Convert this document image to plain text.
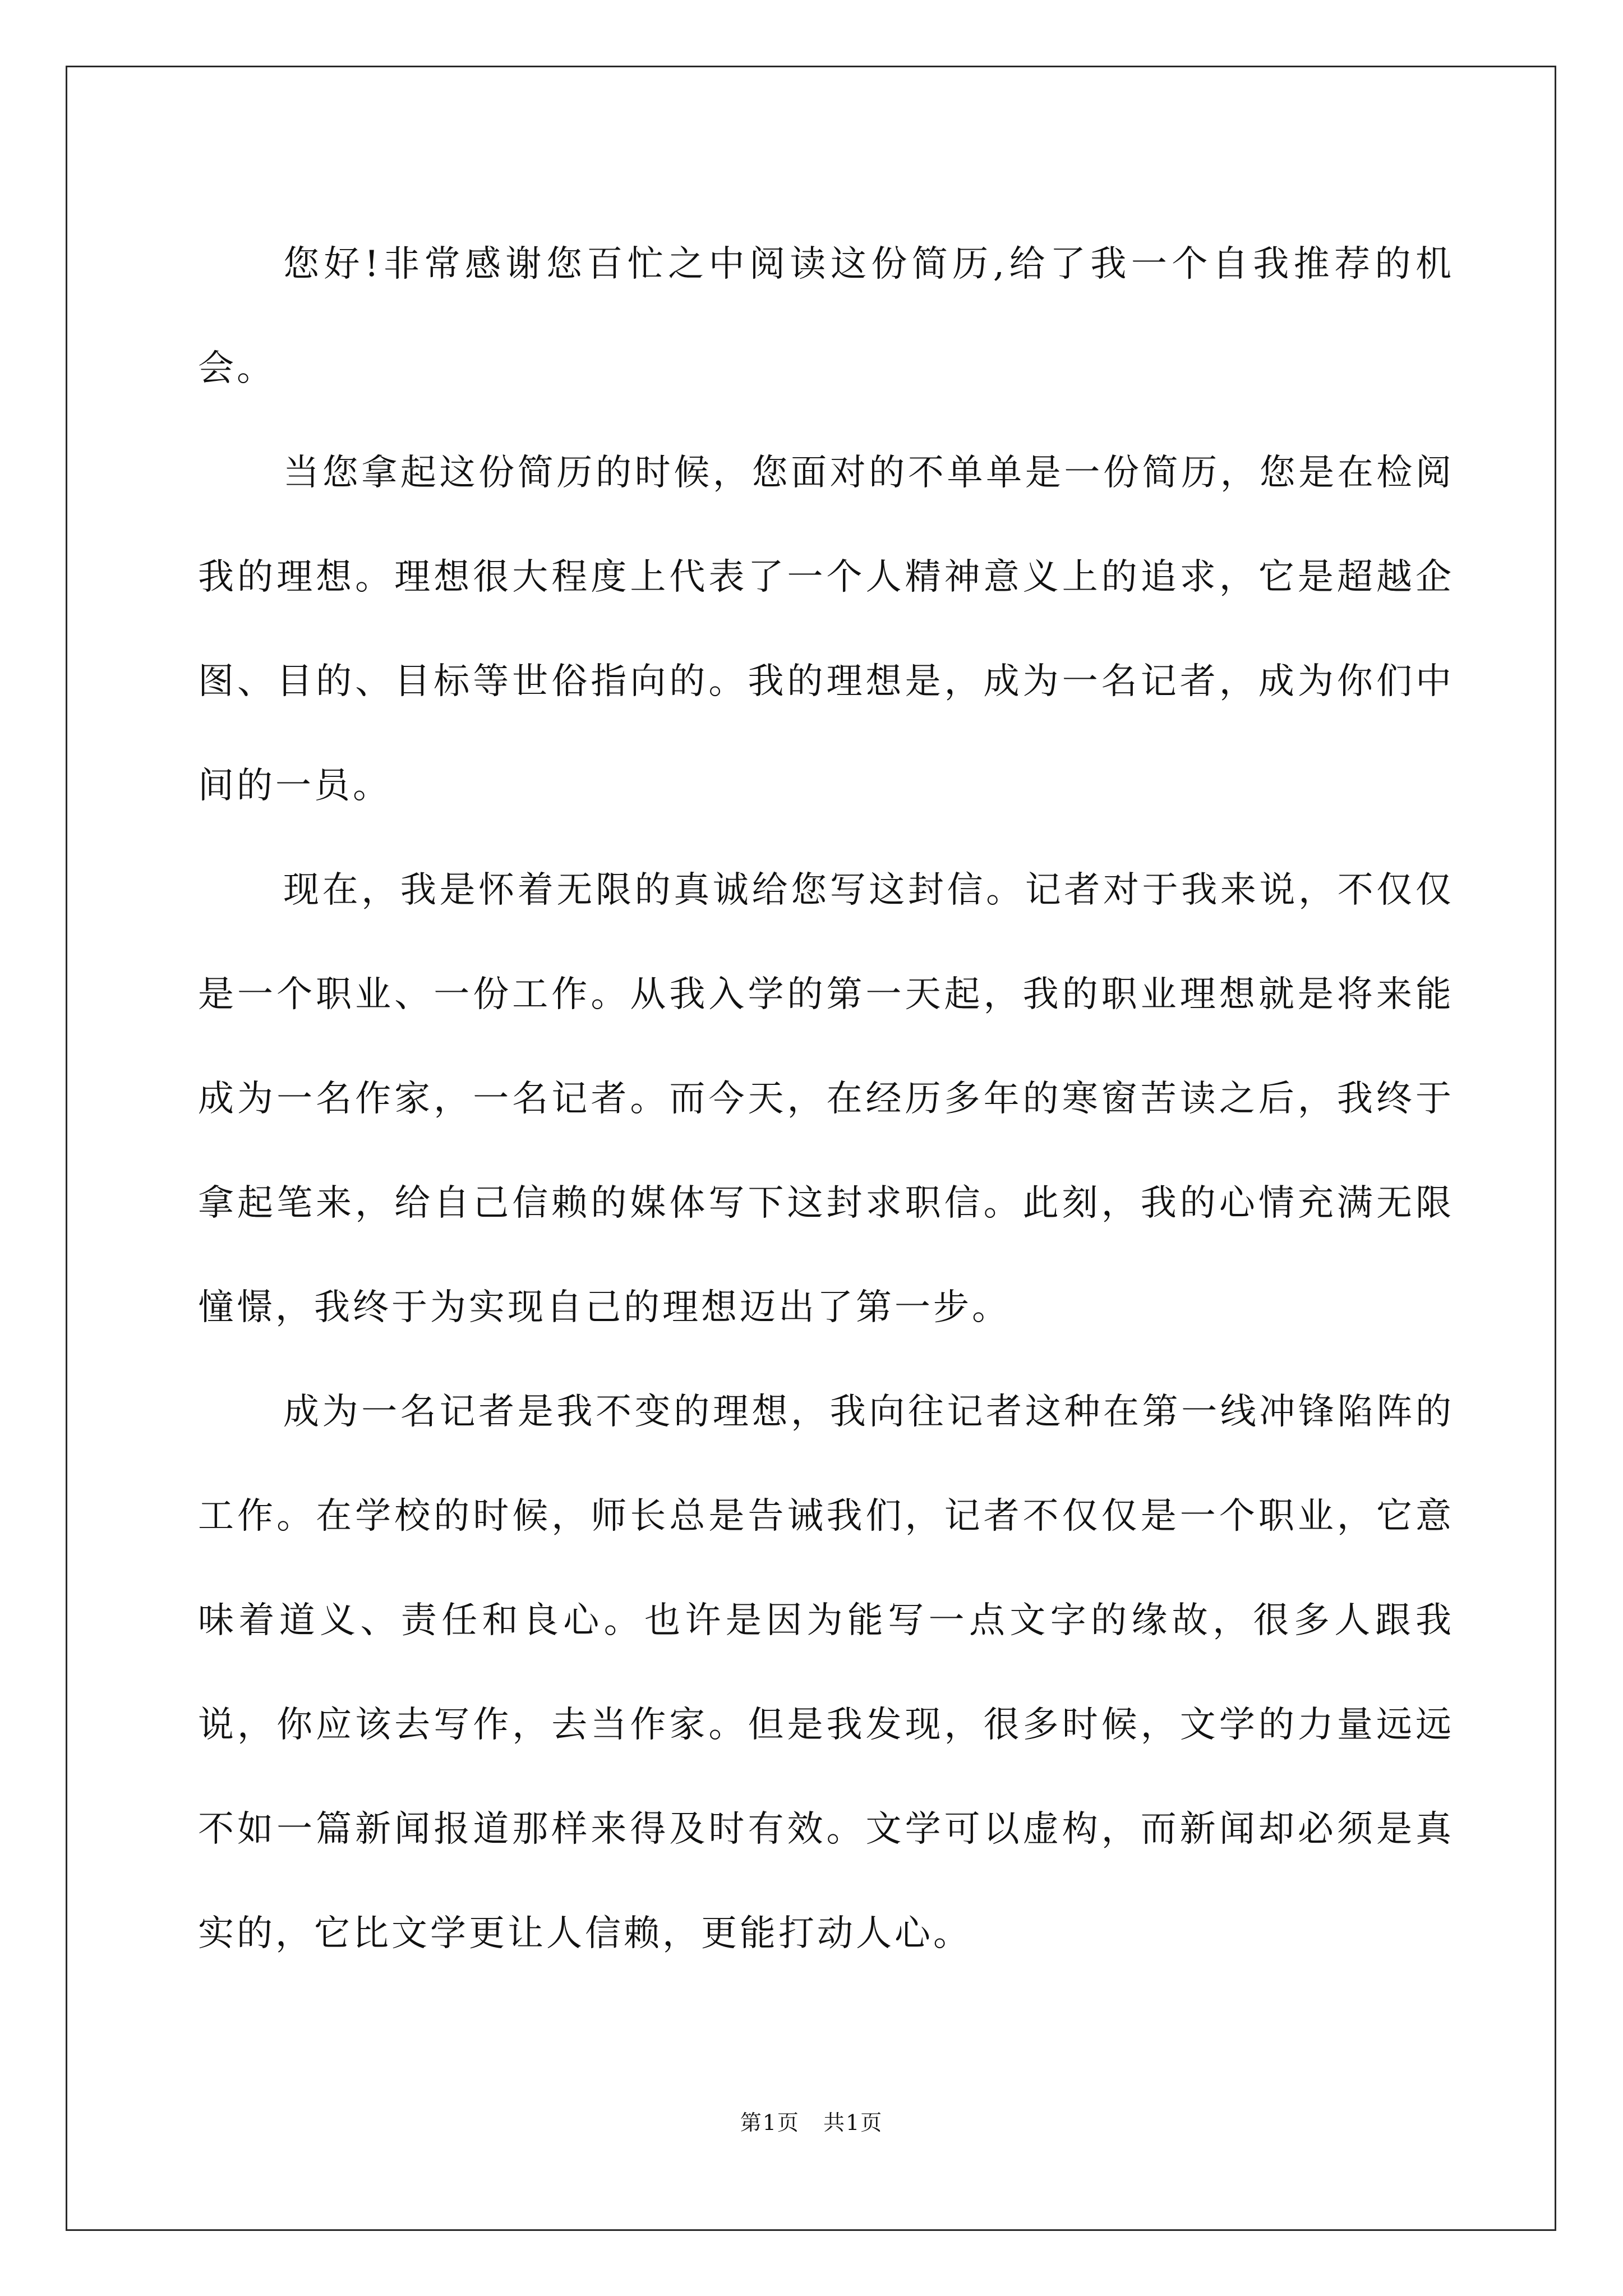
您好!非常感谢您百忙之中阅读这份简历,给了我一个自我推荐的机会。

当您拿起这份简历的时候，您面对的不单单是一份简历，您是在检阅我的理想。理想很大程度上代表了一个人精神意义上的追求，它是超越企图、目的、目标等世俗指向的。我的理想是，成为一名记者，成为你们中间的一员。

现在，我是怀着无限的真诚给您写这封信。记者对于我来说，不仅仅是一个职业、一份工作。从我入学的第一天起，我的职业理想就是将来能成为一名作家，一名记者。而今天，在经历多年的寒窗苦读之后，我终于拿起笔来，给自己信赖的媒体写下这封求职信。此刻，我的心情充满无限憧憬，我终于为实现自己的理想迈出了第一步。

成为一名记者是我不变的理想，我向往记者这种在第一线冲锋陷阵的工作。在学校的时候，师长总是告诫我们，记者不仅仅是一个职业，它意味着道义、责任和良心。也许是因为能写一点文字的缘故，很多人跟我说，你应该去写作，去当作家。但是我发现，很多时候，文学的力量远远不如一篇新闻报道那样来得及时有效。文学可以虚构，而新闻却必须是真实的，它比文学更让人信赖，更能打动人心。

第1页   共1页
